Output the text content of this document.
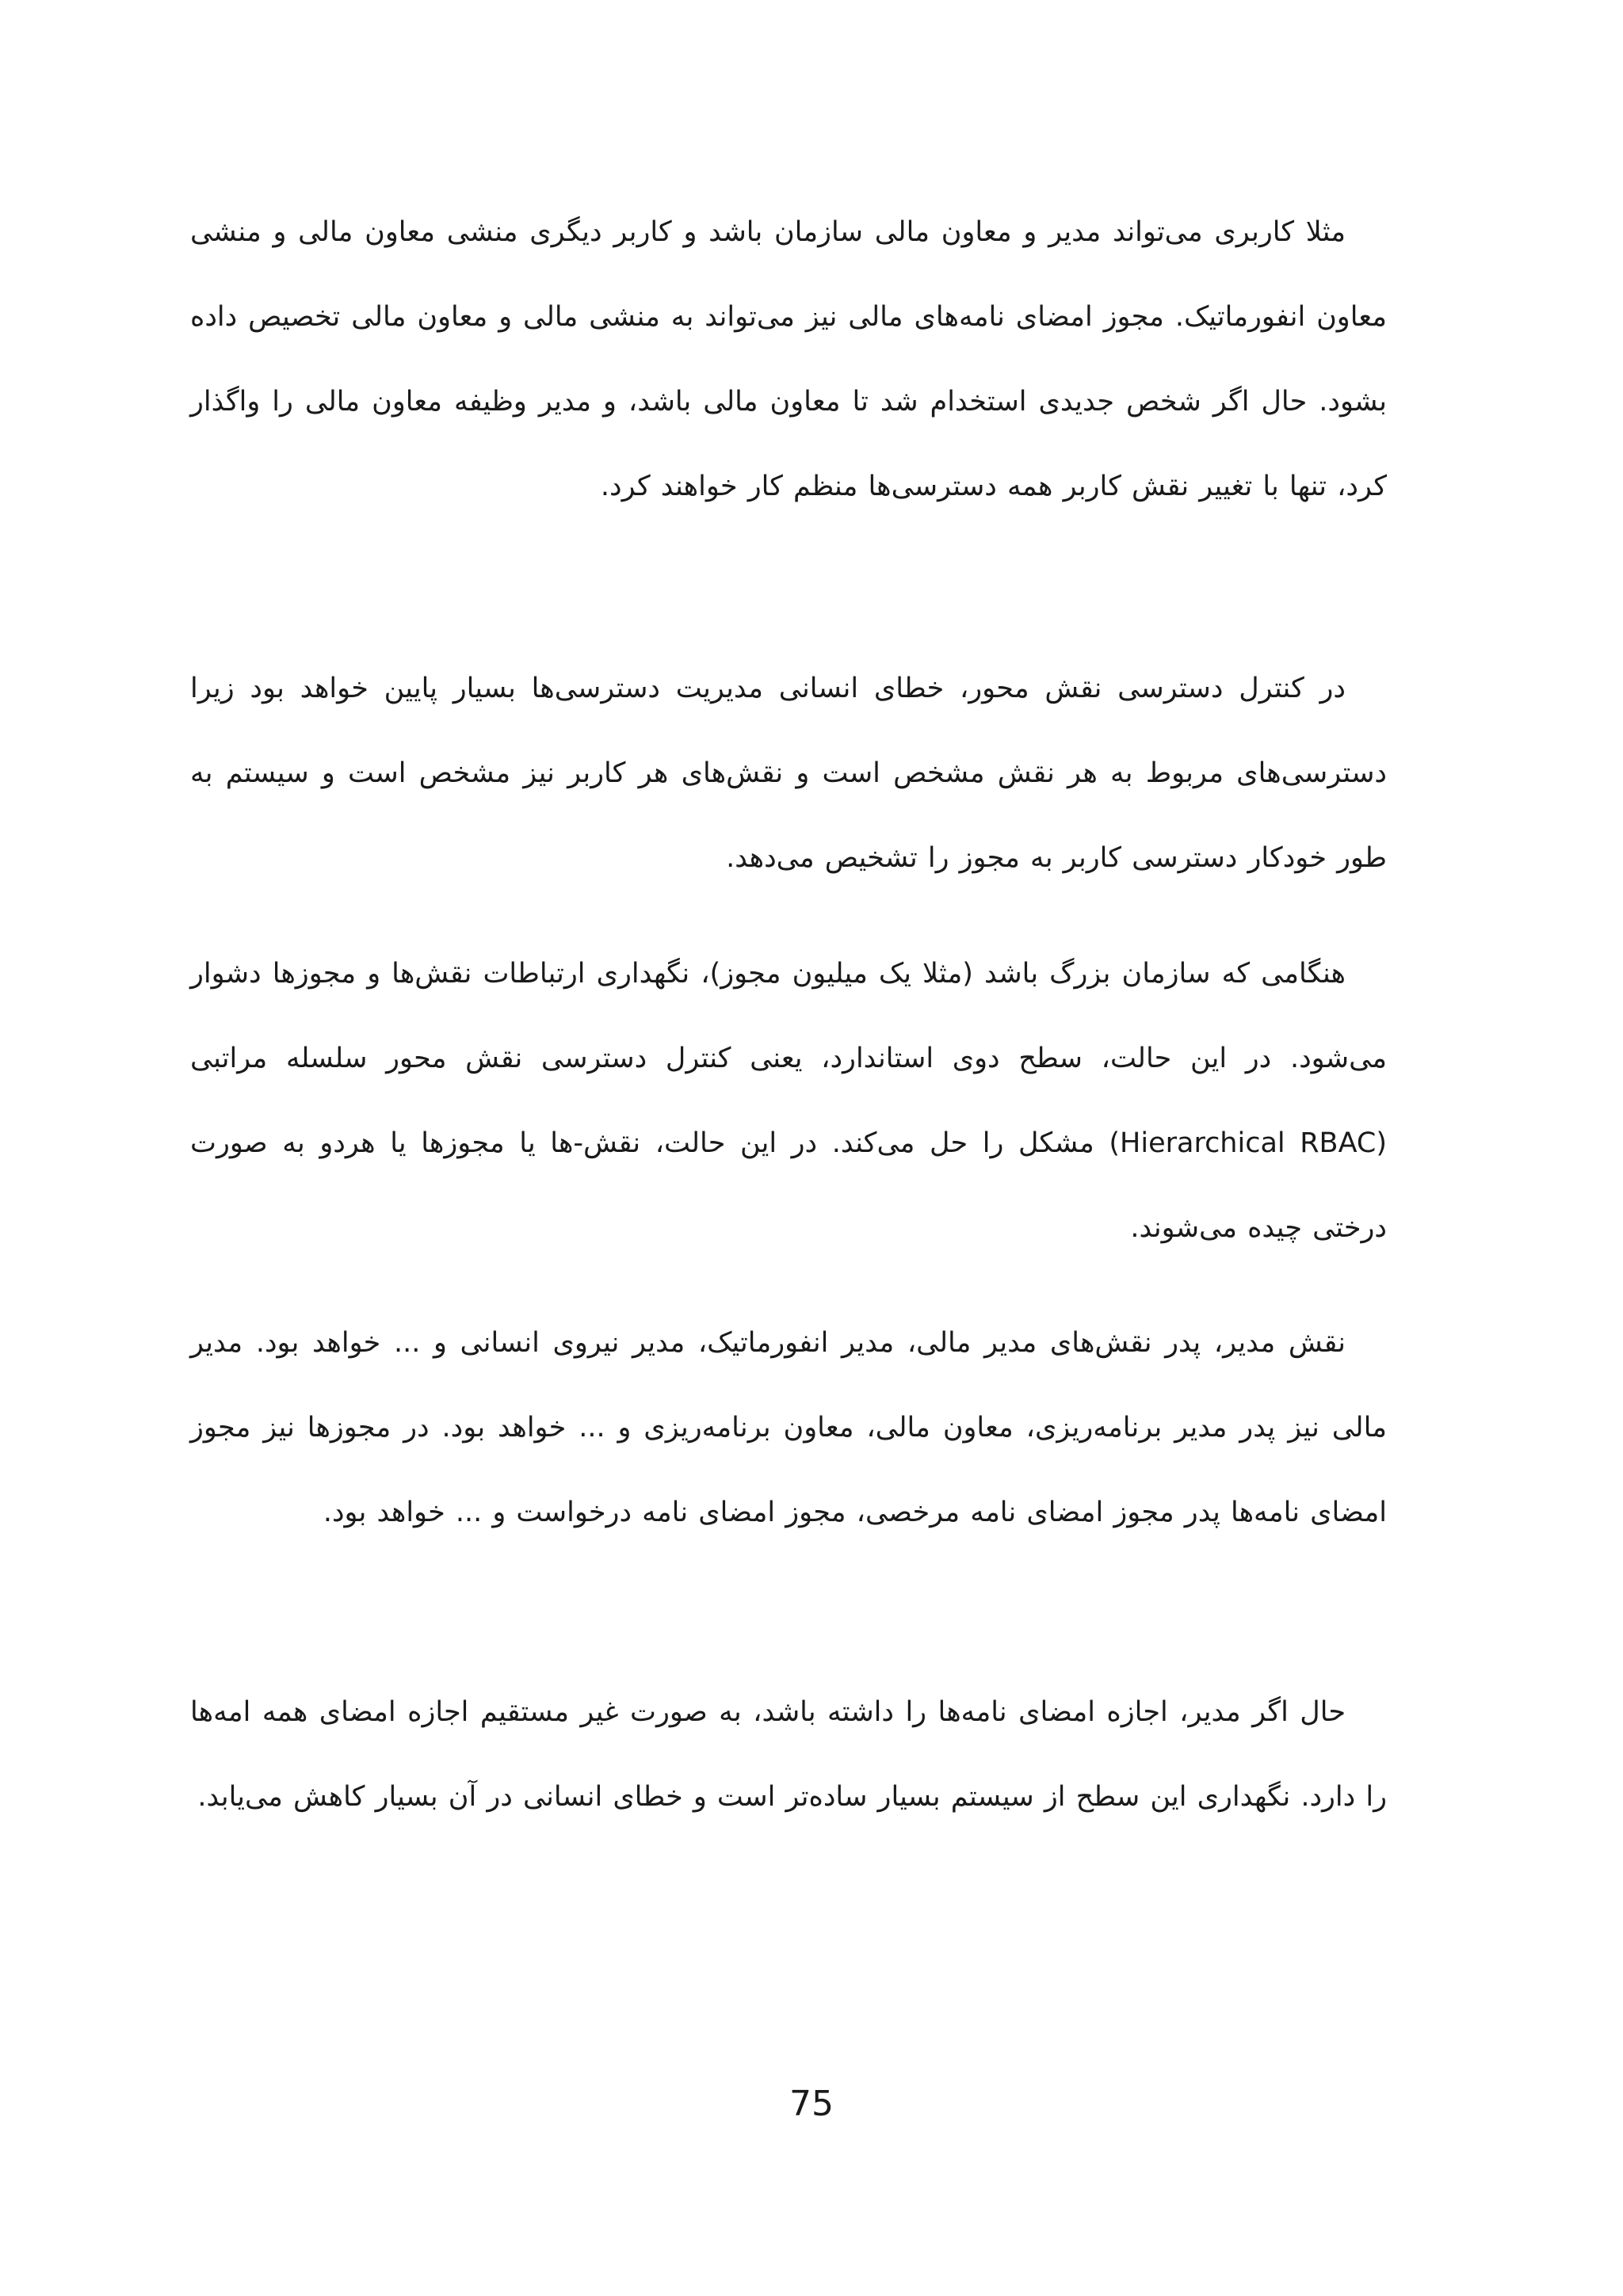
مثلا کاربری می‌تواند مدیر و معاون مالی سازمان باشد و کاربر دیگری منشی معاون مالی و منشی معاون انفورماتیک. مجوز امضای نامه‌های مالی نیز می‌تواند به منشی مالی و معاون مالی تخصیص داده بشود. حال اگر شخص جدیدی استخدام شد تا معاون مالی باشد، و مدیر وظیفه معاون مالی را واگذار کرد، تنها با تغییر نقش کاربر همه دسترسی‌ها منظم کار خواهند کرد.

در کنترل دسترسی نقش محور، خطای انسانی مدیریت دسترسی‌ها بسیار پایین خواهد بود زیرا دسترسی‌های مربوط به هر نقش مشخص است و نقش‌های هر کاربر نیز مشخص است و سیستم به طور خودکار دسترسی کاربر به مجوز را تشخیص می‌دهد.

هنگامی که سازمان بزرگ باشد (مثلا یک میلیون مجوز)، نگهداری ارتباطات نقش‌ها و مجوزها دشوار می‌شود. در این حالت، سطح دوی استاندارد، یعنی کنترل دسترسی نقش محور سلسله مراتبی (Hierarchical RBAC) مشکل را حل می‌کند. در این حالت، نقش-ها یا مجوزها یا هردو به صورت درختی چیده می‌شوند.

نقش مدیر، پدر نقش‌های مدیر مالی، مدیر انفورماتیک، مدیر نیروی انسانی و ... خواهد بود. مدیر مالی نیز پدر مدیر برنامه‌ریزی، معاون مالی، معاون برنامه‌ریزی و ... خواهد بود. در مجوزها نیز مجوز امضای نامه‌ها پدر مجوز امضای نامه مرخصی، مجوز امضای نامه درخواست و ... خواهد بود.

حال اگر مدیر، اجازه امضای نامه‌ها را داشته باشد، به صورت غیر مستقیم اجازه امضای همه امه‌ها را دارد. نگهداری این سطح از سیستم بسیار ساده‌تر است و خطای انسانی در آن بسیار کاهش می‌یابد.

75
